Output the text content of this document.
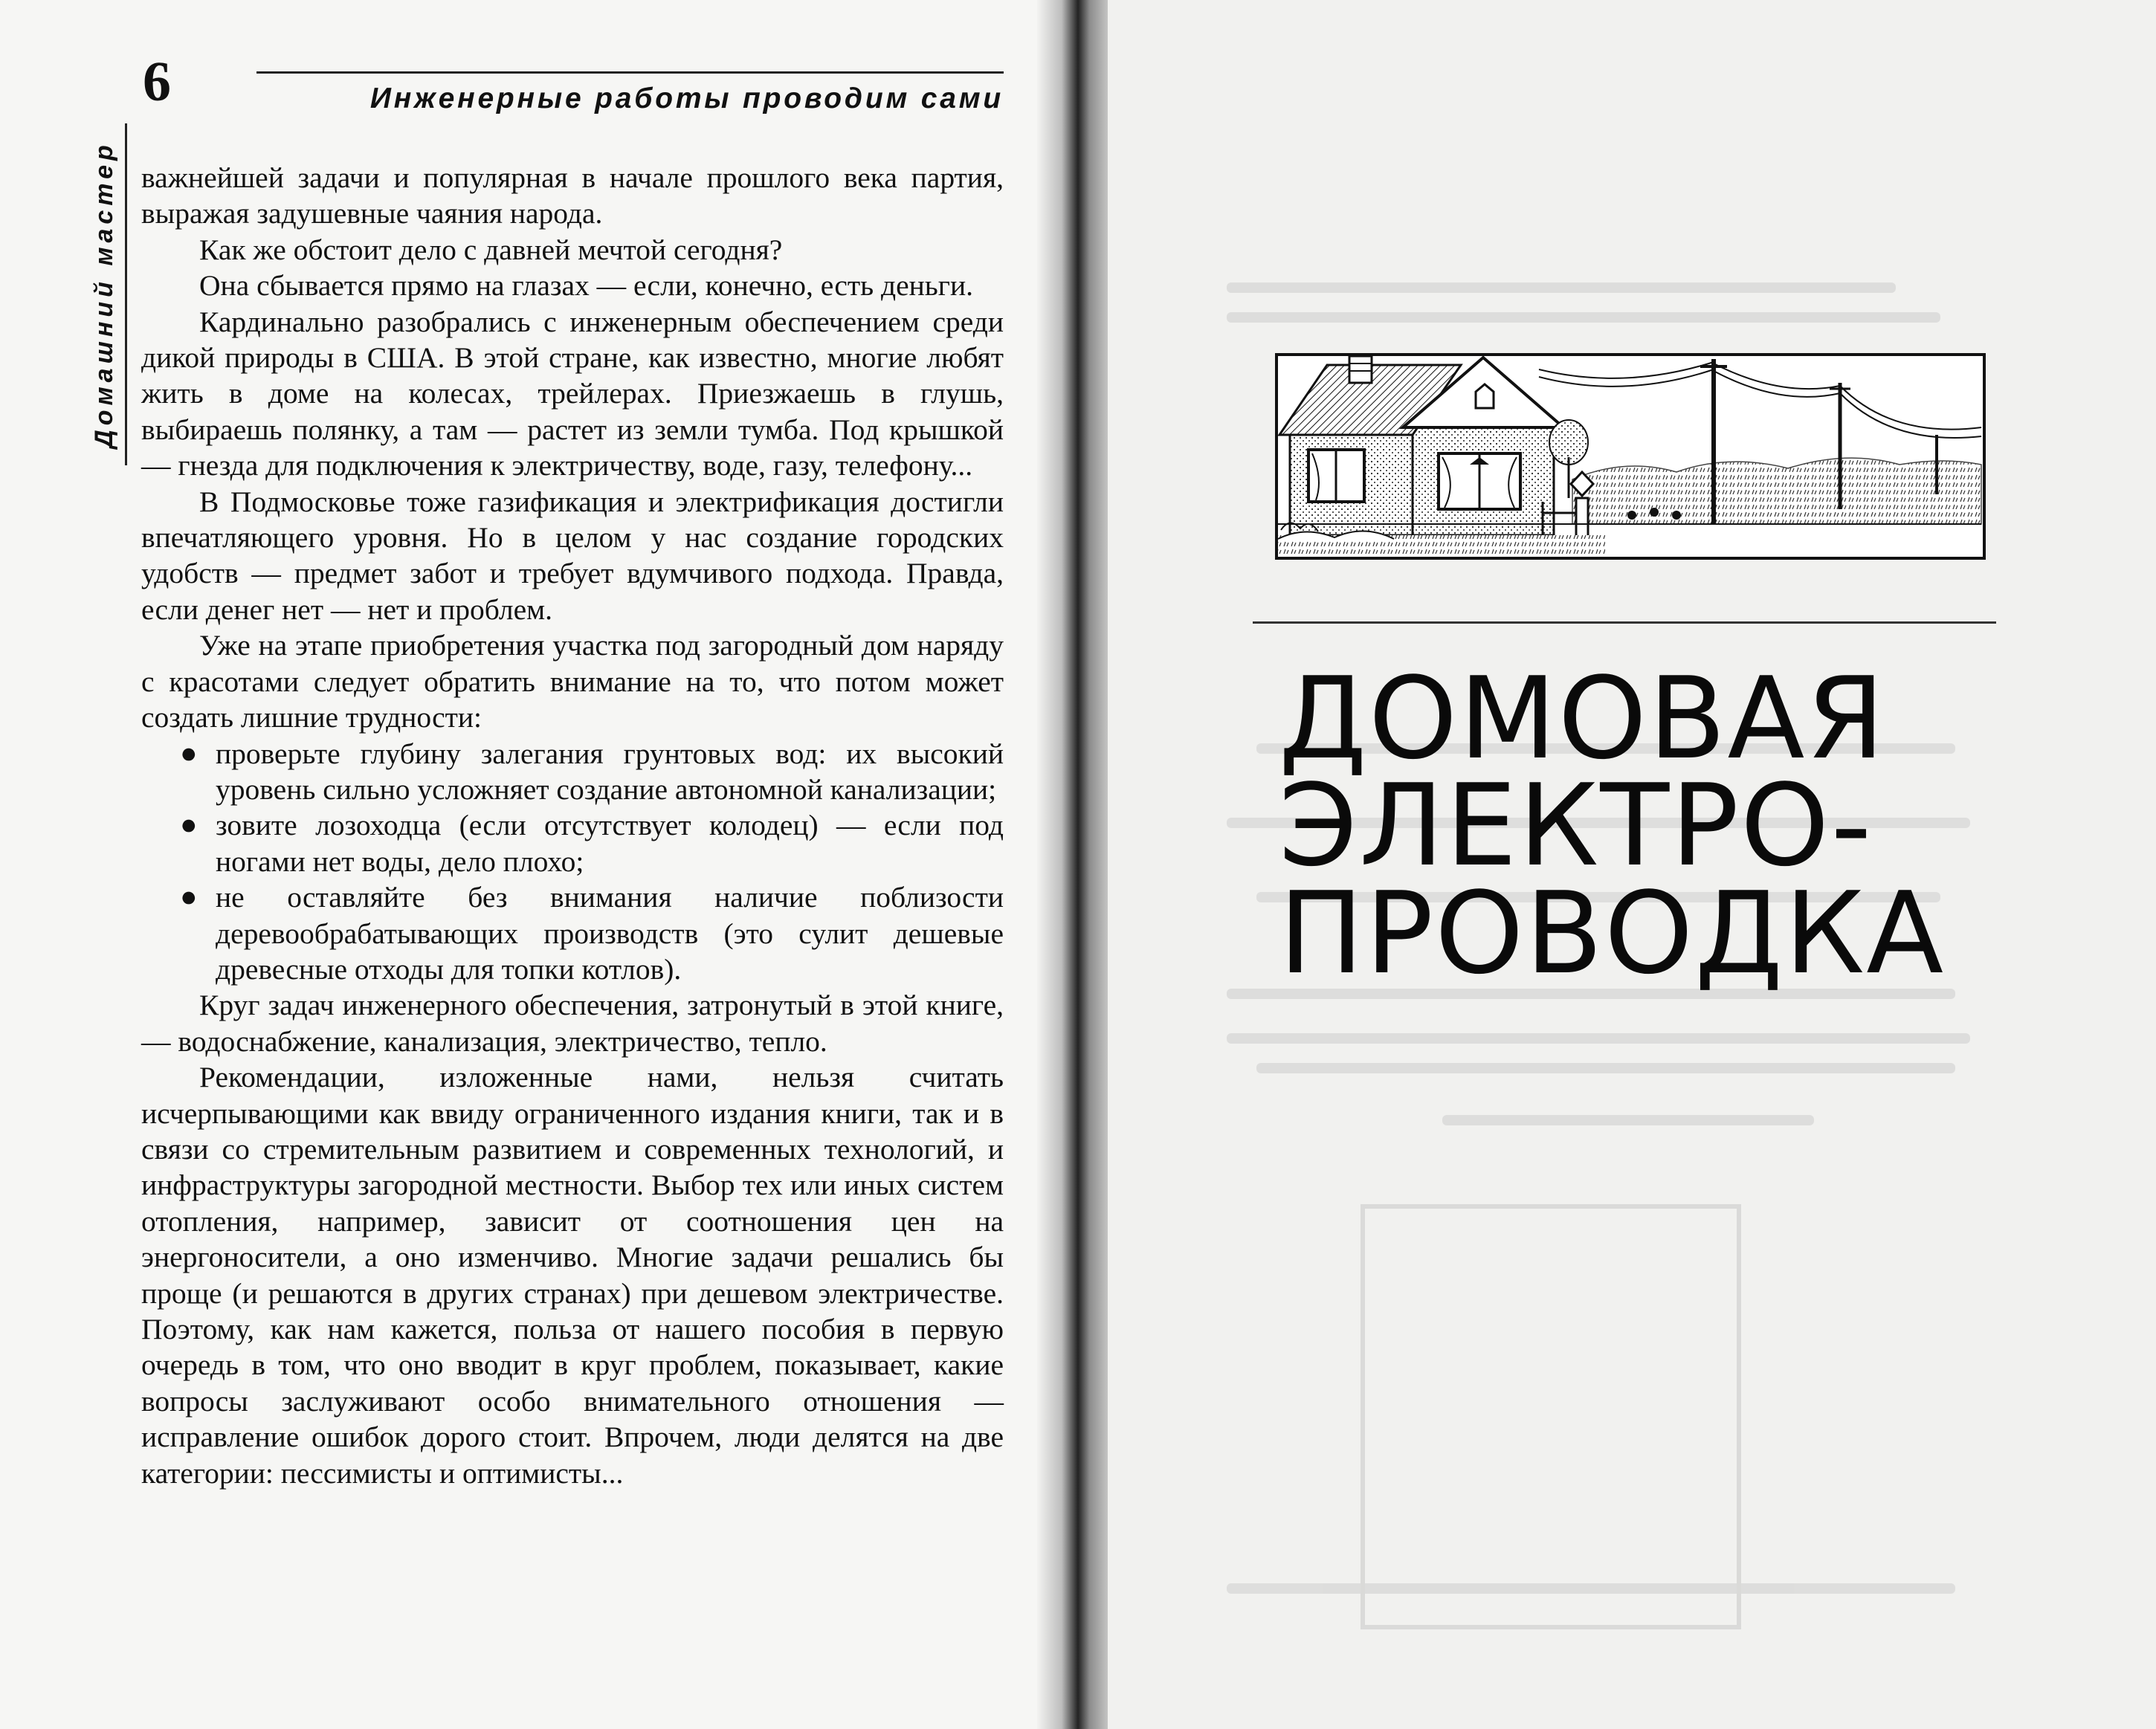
6	Инженерные работы проводим сами

Домашний мастер важнейшей задачи и популярная в начале прошлого века партия, выражая задушевные чаяния народа.

Как же обстоит дело с давней мечтой сегодня?

Она сбывается прямо на глазах — если, конечно, есть деньги.

Кардинально разобрались с инженерным обеспечением среди дикой природы в США. В этой стране, как известно, многие любят жить в доме на колесах, трейлерах. Приезжаешь в глушь, выбираешь полянку, а там — растет из земли тумба. Под крышкой — гнезда для подключения к электричеству, воде, газу, телефону...

В Подмосковье тоже газификация и электрификация достигли впечатляющего уровня. Но в целом у нас создание городских удобств — предмет забот и требует вдумчивого подхода. Правда, если денег нет — нет и проблем.

Уже на этапе приобретения участка под загородный дом наряду с красотами следует обратить внимание на то, что потом может создать лишние трудности:

● проверьте глубину залегания грунтовых вод: их высокий уровень сильно усложняет создание автономной канализации;
● зовите лозоходца (если отсутствует колодец) — если под ногами нет воды, дело плохо;
● не оставляйте без внимания наличие поблизости деревообрабатывающих производств (это сулит дешевые древесные отходы для топки котлов).

Круг задач инженерного обеспечения, затронутый в этой книге, — водоснабжение, канализация, электричество, тепло.

Рекомендации, изложенные нами, нельзя считать исчерпывающими как ввиду ограниченного издания книги, так и в связи со стремительным развитием и современных технологий, и инфраструктуры загородной местности. Выбор тех или иных систем отопления, например, зависит от соотношения цен на энергоносители, а оно изменчиво. Многие задачи решались бы проще (и решаются в других странах) при дешевом электричестве. Поэтому, как нам кажется, польза от нашего пособия в первую очередь в том, что оно вводит в круг проблем, показывает, какие вопросы заслуживают особо внимательного отношения — исправление ошибок дорого стоит. Впрочем, люди делятся на две категории: пессимисты и оптимисты...

ДОМОВАЯ
ЭЛЕКТРО-
ПРОВОДКА
